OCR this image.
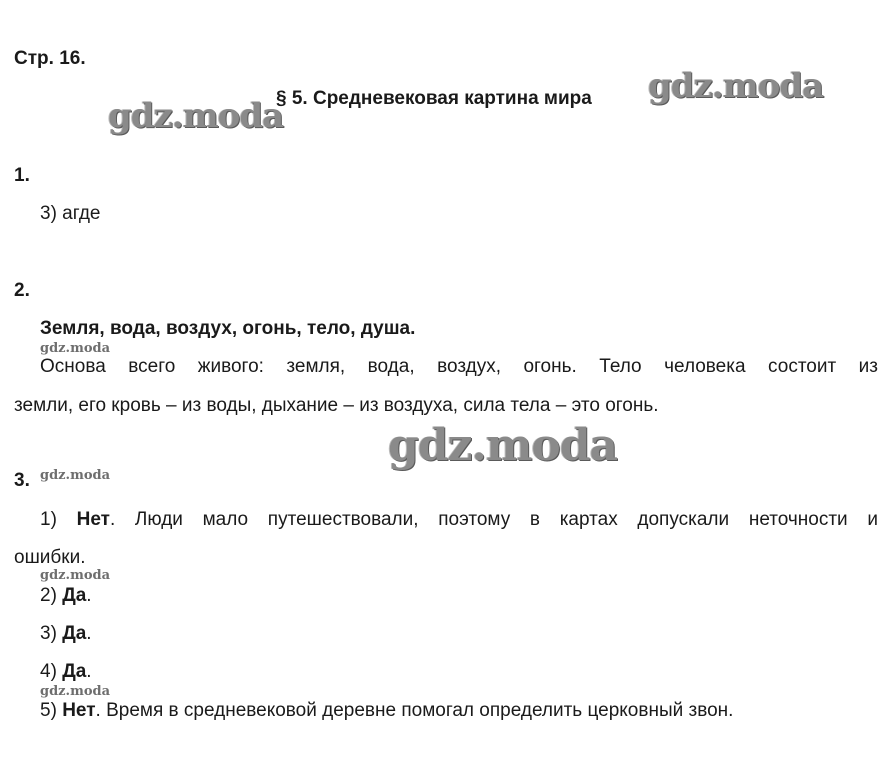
Стр. 16.
§ 5. Средневековая картина мира
gdz.moda
gdz.moda
1.
3) агде
2.
Земля, вода, воздух, огонь, тело, душа.
gdz.moda
Основа всего живого: земля, вода, воздух, огонь. Тело человека состоит из
земли, его кровь – из воды, дыхание – из воздуха, сила тела – это огонь.
gdz.moda
3. gdz.moda
1) Нет. Люди мало путешествовали, поэтому в картах допускали неточности и
ошибки.
gdz.moda
2) Да.
3) Да.
4) Да.
gdz.moda
5) Нет. Время в средневековой деревне помогал определить церковный звон.
